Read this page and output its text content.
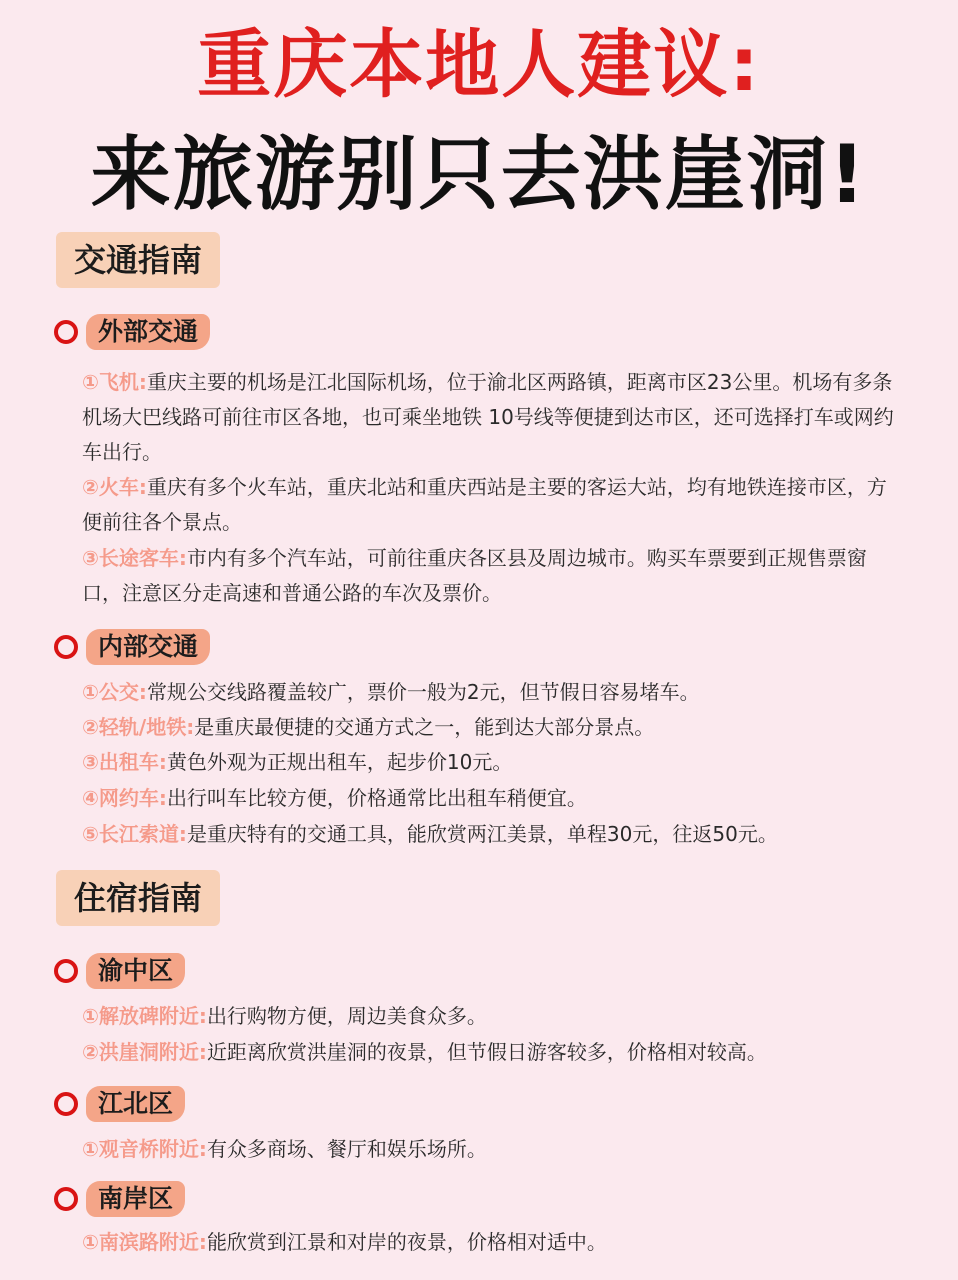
重庆本地人建议:
来旅游别只去洪崖洞!
交通指南
外部交通

①飞机:重庆主要的机场是江北国际机场，位于渝北区两路镇，距离市区23公里。机场有多条机场大巴线路可前往市区各地，也可乘坐地铁 10号线等便捷到达市区，还可选择打车或网约车出行。

②火车:重庆有多个火车站，重庆北站和重庆西站是主要的客运大站，均有地铁连接市区，方便前往各个景点。

③长途客车:市内有多个汽车站，可前往重庆各区县及周边城市。购买车票要到正规售票窗口，注意区分走高速和普通公路的车次及票价。

内部交通

①公交:常规公交线路覆盖较广，票价一般为2元，但节假日容易堵车。

②轻轨/地铁:是重庆最便捷的交通方式之一，能到达大部分景点。

③出租车:黄色外观为正规出租车，起步价10元。

④网约车:出行叫车比较方便，价格通常比出租车稍便宜。

⑤长江索道:是重庆特有的交通工具，能欣赏两江美景，单程30元，往返50元。

住宿指南
渝中区

①解放碑附近:出行购物方便，周边美食众多。

②洪崖洞附近:近距离欣赏洪崖洞的夜景，但节假日游客较多，价格相对较高。

江北区

①观音桥附近:有众多商场、餐厅和娱乐场所。

南岸区

①南滨路附近:能欣赏到江景和对岸的夜景，价格相对适中。
